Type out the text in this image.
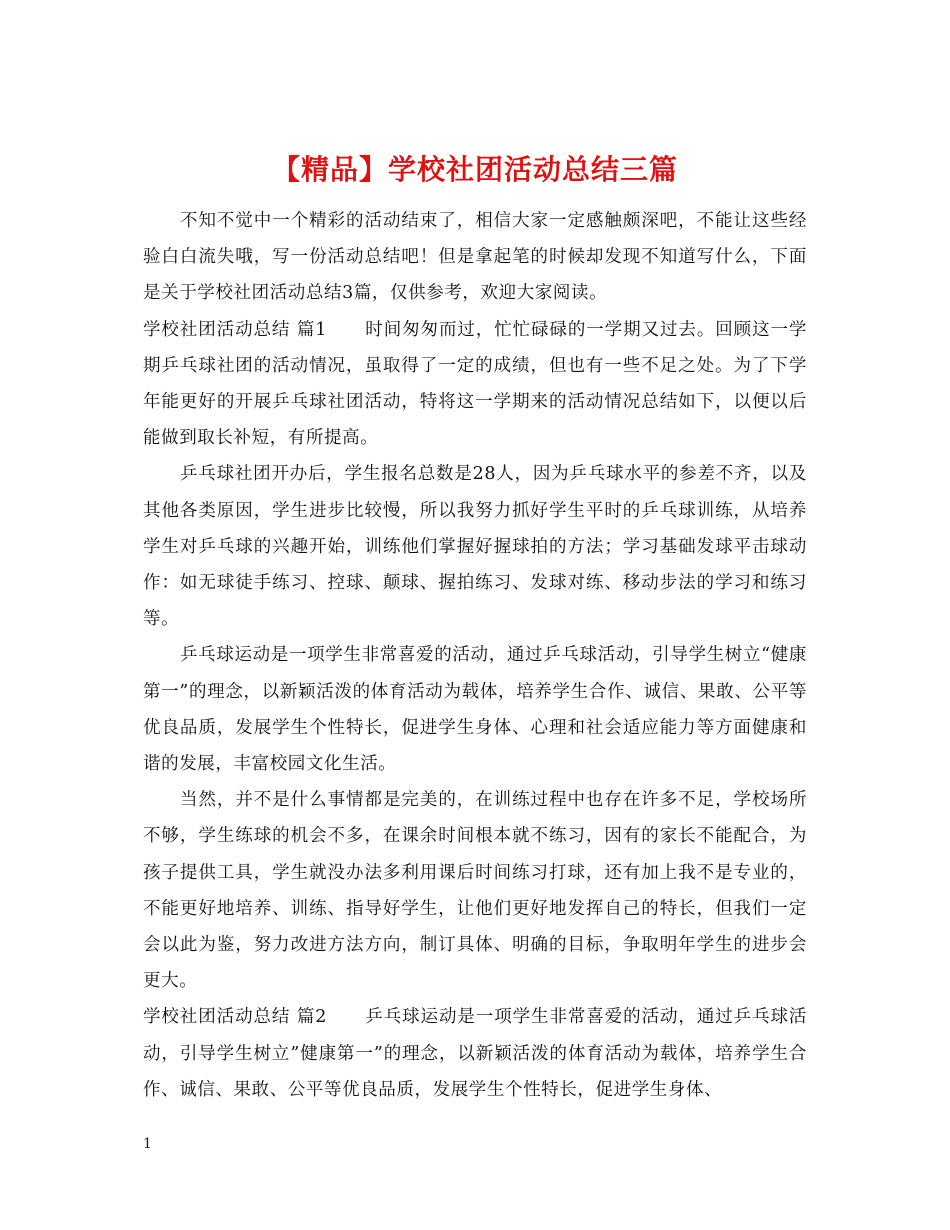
【精品】学校社团活动总结三篇

不知不觉中一个精彩的活动结束了，相信大家一定感触颇深吧，不能让这些经验白白流失哦，写一份活动总结吧！但是拿起笔的时候却发现不知道写什么，下面是关于学校社团活动总结3篇，仅供参考，欢迎大家阅读。

学校社团活动总结 篇1 时间匆匆而过，忙忙碌碌的一学期又过去。回顾这一学期乒乓球社团的活动情况，虽取得了一定的成绩，但也有一些不足之处。为了下学年能更好的开展乒乓球社团活动，特将这一学期来的活动情况总结如下，以便以后能做到取长补短，有所提高。

乒乓球社团开办后，学生报名总数是28人，因为乒乓球水平的参差不齐，以及其他各类原因，学生进步比较慢，所以我努力抓好学生平时的乒乓球训练，从培养学生对乒乓球的兴趣开始，训练他们掌握好握球拍的方法；学习基础发球平击球动作：如无球徒手练习、控球、颠球、握拍练习、发球对练、移动步法的学习和练习等。

乒乓球运动是一项学生非常喜爱的活动，通过乒乓球活动，引导学生树立“健康第一”的理念，以新颖活泼的体育活动为载体，培养学生合作、诚信、果敢、公平等优良品质，发展学生个性特长，促进学生身体、心理和社会适应能力等方面健康和谐的发展，丰富校园文化生活。

当然，并不是什么事情都是完美的，在训练过程中也存在许多不足，学校场所不够，学生练球的机会不多，在课余时间根本就不练习，因有的家长不能配合，为孩子提供工具，学生就没办法多利用课后时间练习打球，还有加上我不是专业的，不能更好地培养、训练、指导好学生，让他们更好地发挥自己的特长，但我们一定会以此为鉴，努力改进方法方向，制订具体、明确的目标，争取明年学生的进步会更大。

学校社团活动总结 篇2 乒乓球运动是一项学生非常喜爱的活动，通过乒乓球活动，引导学生树立”健康第一”的理念，以新颖活泼的体育活动为载体，培养学生合作、诚信、果敢、公平等优良品质，发展学生个性特长，促进学生身体、

1
